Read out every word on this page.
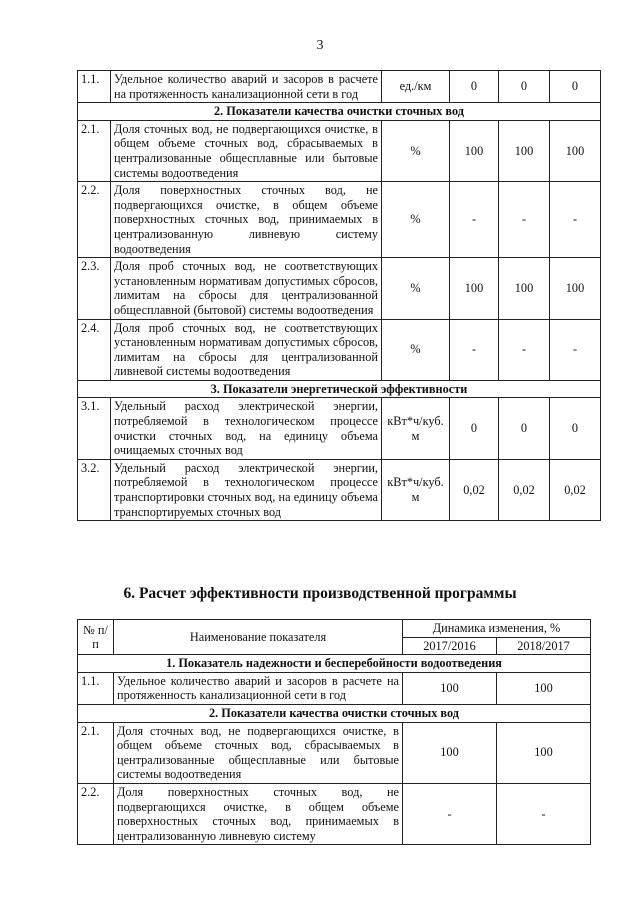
3
1.1.	Удельное количество аварий и засоров в расчете на протяженность канализационной сети в год	ед./км	0	0	0
2. Показатели качества очистки сточных вод					
2.1.	Доля сточных вод, не подвергающихся очистке, в общем объеме сточных вод, сбрасываемых в централизованные общесплавные или бытовые системы водоотведения	%	100	100	100
2.2.	Доля поверхностных сточных вод, не подвергающихся очистке, в общем объеме поверхностных сточных вод, принимаемых в централизованную ливневую систему водоотведения	%	-	-	-
2.3.	Доля проб сточных вод, не соответствующих установленным нормативам допустимых сбросов, лимитам на сбросы для централизованной общесплавной (бытовой) системы водоотведения	%	100	100	100
2.4.	Доля проб сточных вод, не соответствующих установленным нормативам допустимых сбросов, лимитам на сбросы для централизованной ливневой системы водоотведения	%	-	-	-
3. Показатели энергетической эффективности					
3.1.	Удельный расход электрической энергии, потребляемой в технологическом процессе очистки сточных вод, на единицу объема очищаемых сточных вод	кВт*ч/куб. м	0	0	0
3.2.	Удельный расход электрической энергии, потребляемой в технологическом процессе транспортировки сточных вод, на единицу объема транспортируемых сточных вод	кВт*ч/куб. м	0,02	0,02	0,02
6. Расчет эффективности производственной программы
№ п/п	Наименование показателя	Динамика изменения, %	
		2017/2016	2018/2017
1. Показатель надежности и бесперебойности водоотведения			
1.1.	Удельное количество аварий и засоров в расчете на протяженность канализационной сети в год	100	100
2. Показатели качества очистки сточных вод			
2.1.	Доля сточных вод, не подвергающихся очистке, в общем объеме сточных вод, сбрасываемых в централизованные общесплавные или бытовые системы водоотведения	100	100
2.2.	Доля поверхностных сточных вод, не подвергающихся очистке, в общем объеме поверхностных сточных вод, принимаемых в централизованную ливневую систему	-	-
